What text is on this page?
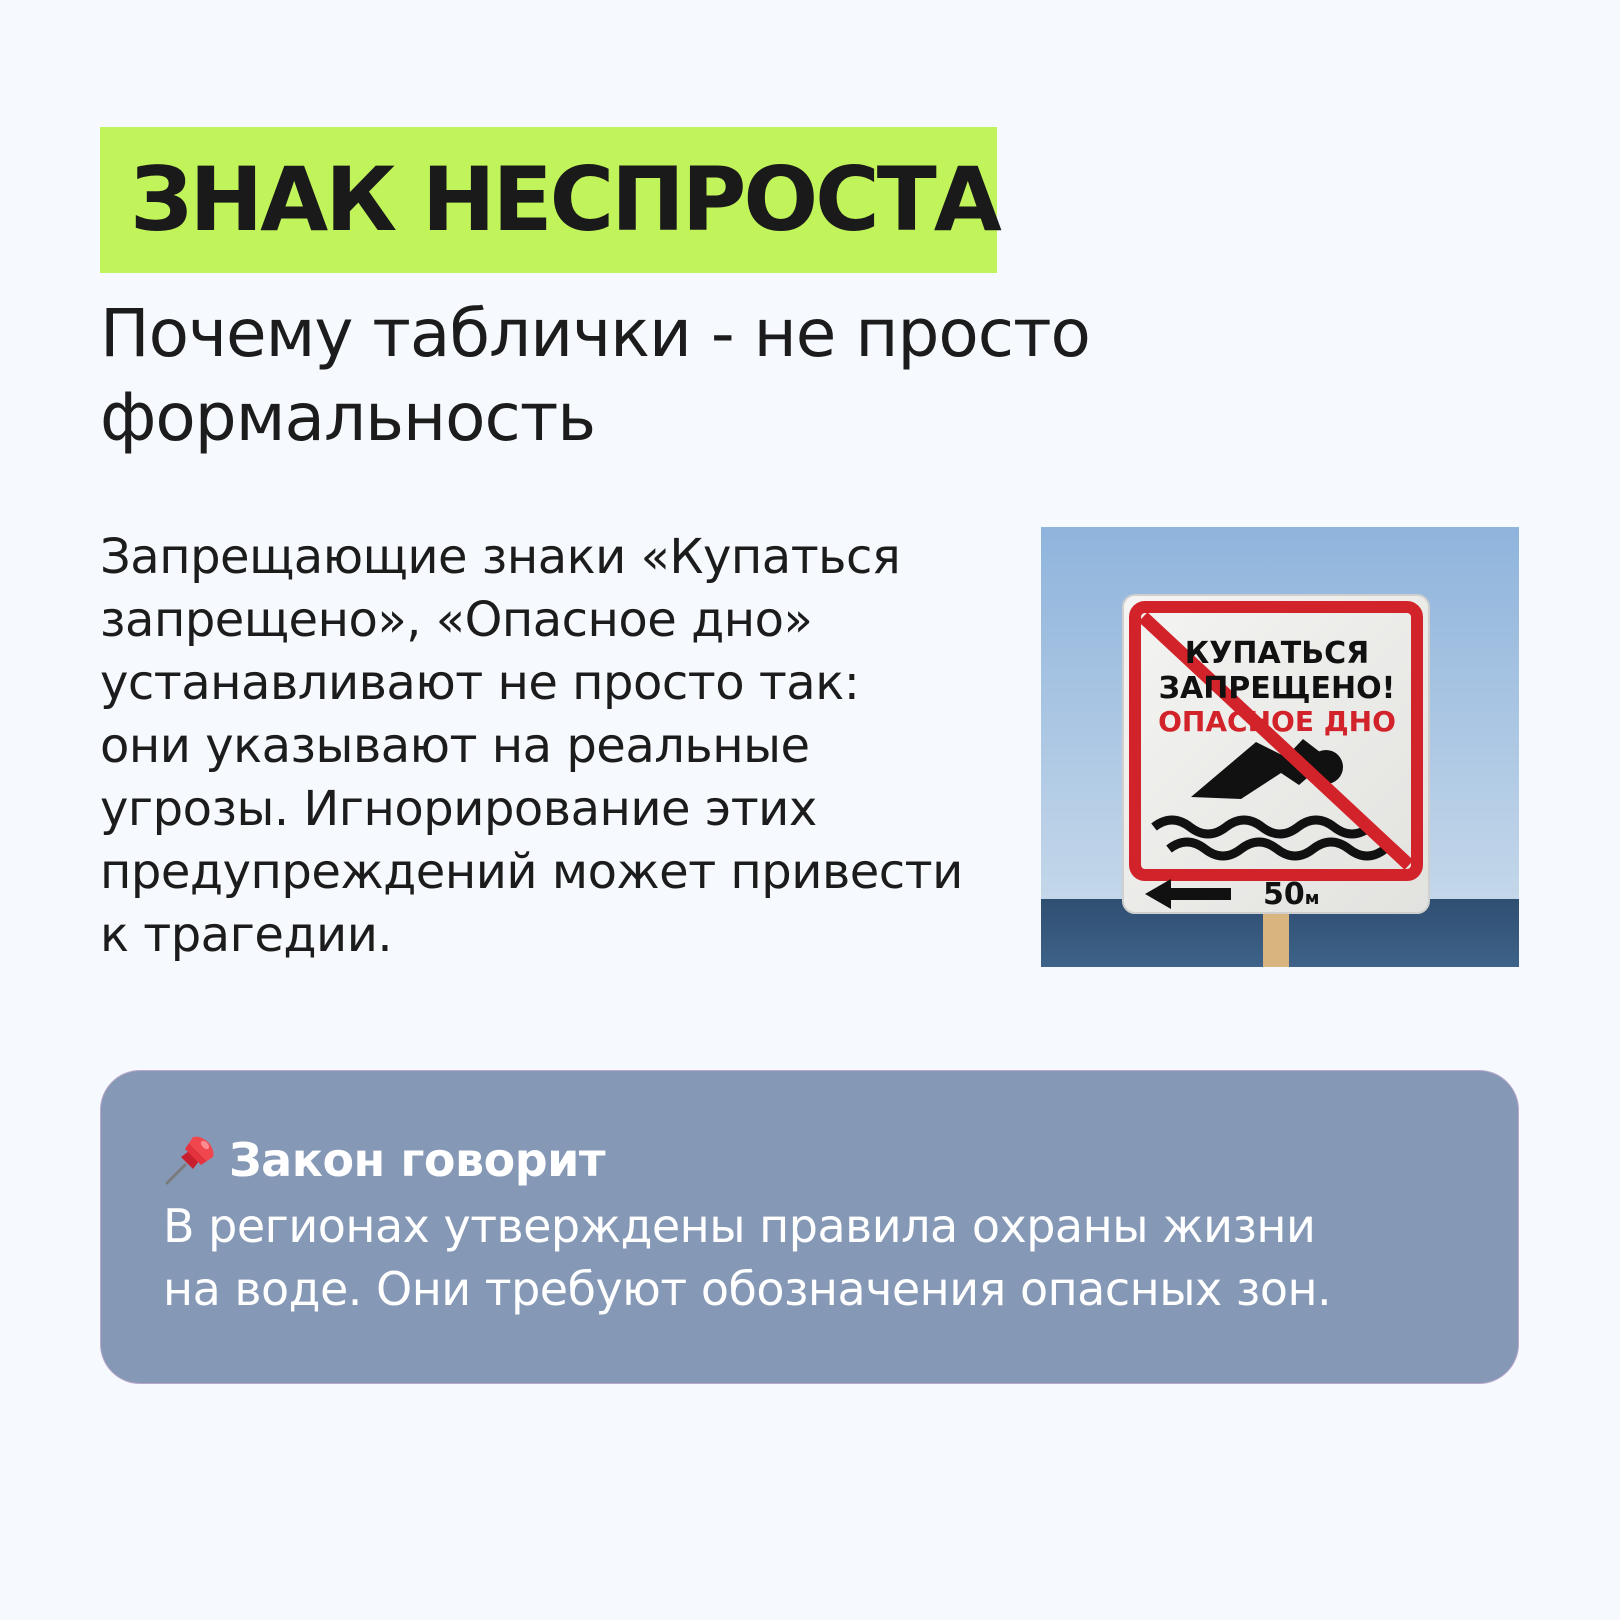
ЗНАК НЕСПРОСТА
Почему таблички - не просто
формальность
Запрещающие знаки «Купаться
запрещено», «Опасное дно»
устанавливают не просто так:
они указывают на реальные
угрозы. Игнорирование этих
предупреждений может привести
к трагедии.
КУПАТЬСЯ
ЗАПРЕЩЕНО!
ОПАСНОЕ ДНО
50м
Закон говорит
В регионах утверждены правила охраны жизни
на воде. Они требуют обозначения опасных зон.
